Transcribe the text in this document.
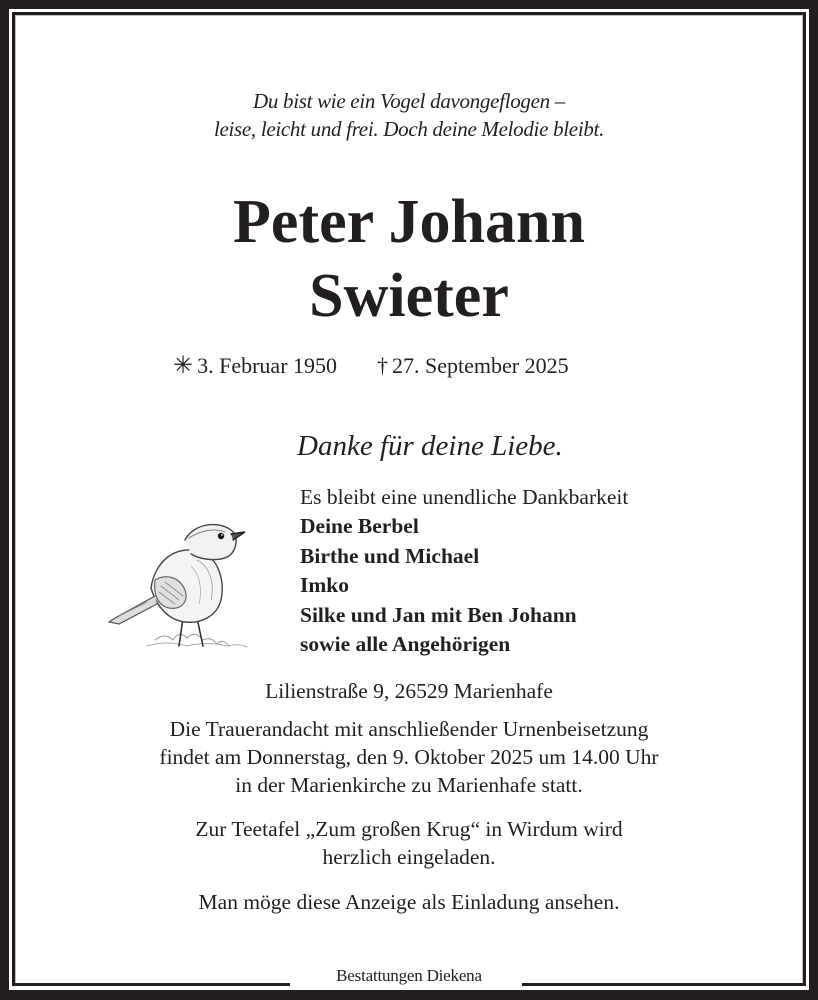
Du bist wie ein Vogel davongeflogen –
leise, leicht und frei. Doch deine Melodie bleibt.
Peter Johann
Swieter
✳ 3. Februar 1950 † 27. September 2025
Danke für deine Liebe.
Es bleibt eine unendliche Dankbarkeit
Deine Berbel
Birthe und Michael
Imko
Silke und Jan mit Ben Johann
sowie alle Angehörigen
Lilienstraße 9, 26529 Marienhafe
Die Trauerandacht mit anschließender Urnenbeisetzung
findet am Donnerstag, den 9. Oktober 2025 um 14.00 Uhr
in der Marienkirche zu Marienhafe statt.
Zur Teetafel „Zum großen Krug“ in Wirdum wird
herzlich eingeladen.
Man möge diese Anzeige als Einladung ansehen.
Bestattungen Diekena
